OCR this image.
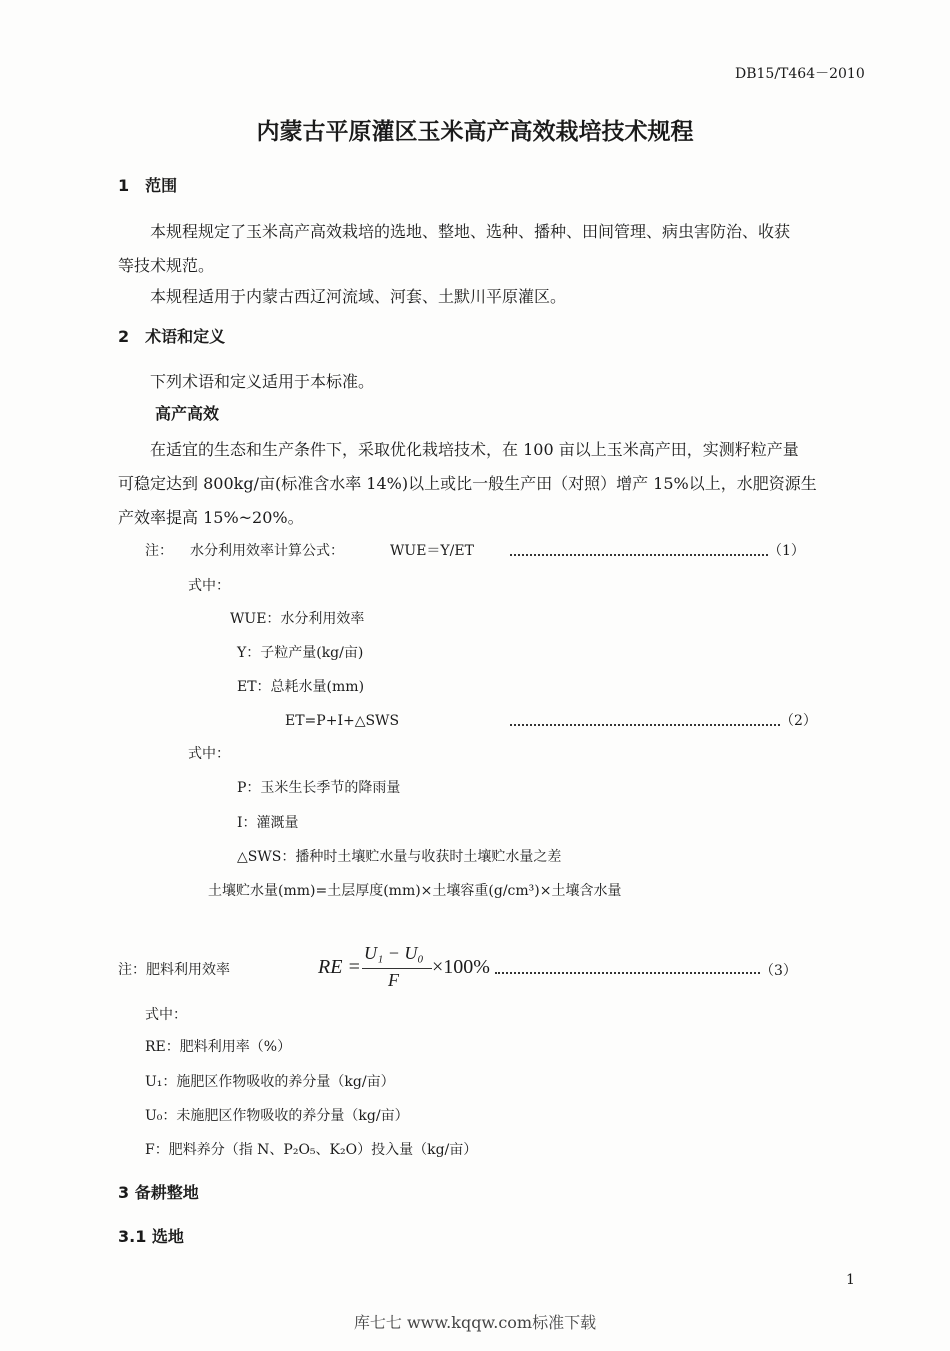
DB15/T464－2010
内蒙古平原灌区玉米高产高效栽培技术规程
1　范围
本规程规定了玉米高产高效栽培的选地、整地、选种、播种、田间管理、病虫害防治、收获
等技术规范。
本规程适用于内蒙古西辽河流域、河套、土默川平原灌区。
2　术语和定义
下列术语和定义适用于本标准。
高产高效
在适宜的生态和生产条件下，采取优化栽培技术，在 100 亩以上玉米高产田，实测籽粒产量
可稳定达到 800kg/亩(标准含水率 14%)以上或比一般生产田（对照）增产 15%以上，水肥资源生
产效率提高 15%~20%。
注： 水分利用效率计算公式：	WUE＝Y/ET	（1）
式中：
WUE：水分利用效率
Y：子粒产量(kg/亩)
ET：总耗水量(mm)
ET=P+I+△SWS	（2）
式中：
P：玉米生长季节的降雨量
I：灌溉量
△SWS：播种时土壤贮水量与收获时土壤贮水量之差
土壤贮水量(mm)=土层厚度(mm)×土壤容重(g/cm³)×土壤含水量
注：肥料利用效率	RE =
U₁ − U₀
F
×100%	（3）
式中：
RE：肥料利用率（%）
U₁：施肥区作物吸收的养分量（kg/亩）
U₀：未施肥区作物吸收的养分量（kg/亩）
F：肥料养分（指 N、P₂O₅、K₂O）投入量（kg/亩）
3 备耕整地
3.1 选地
1
库七七 www.kqqw.com标准下载
